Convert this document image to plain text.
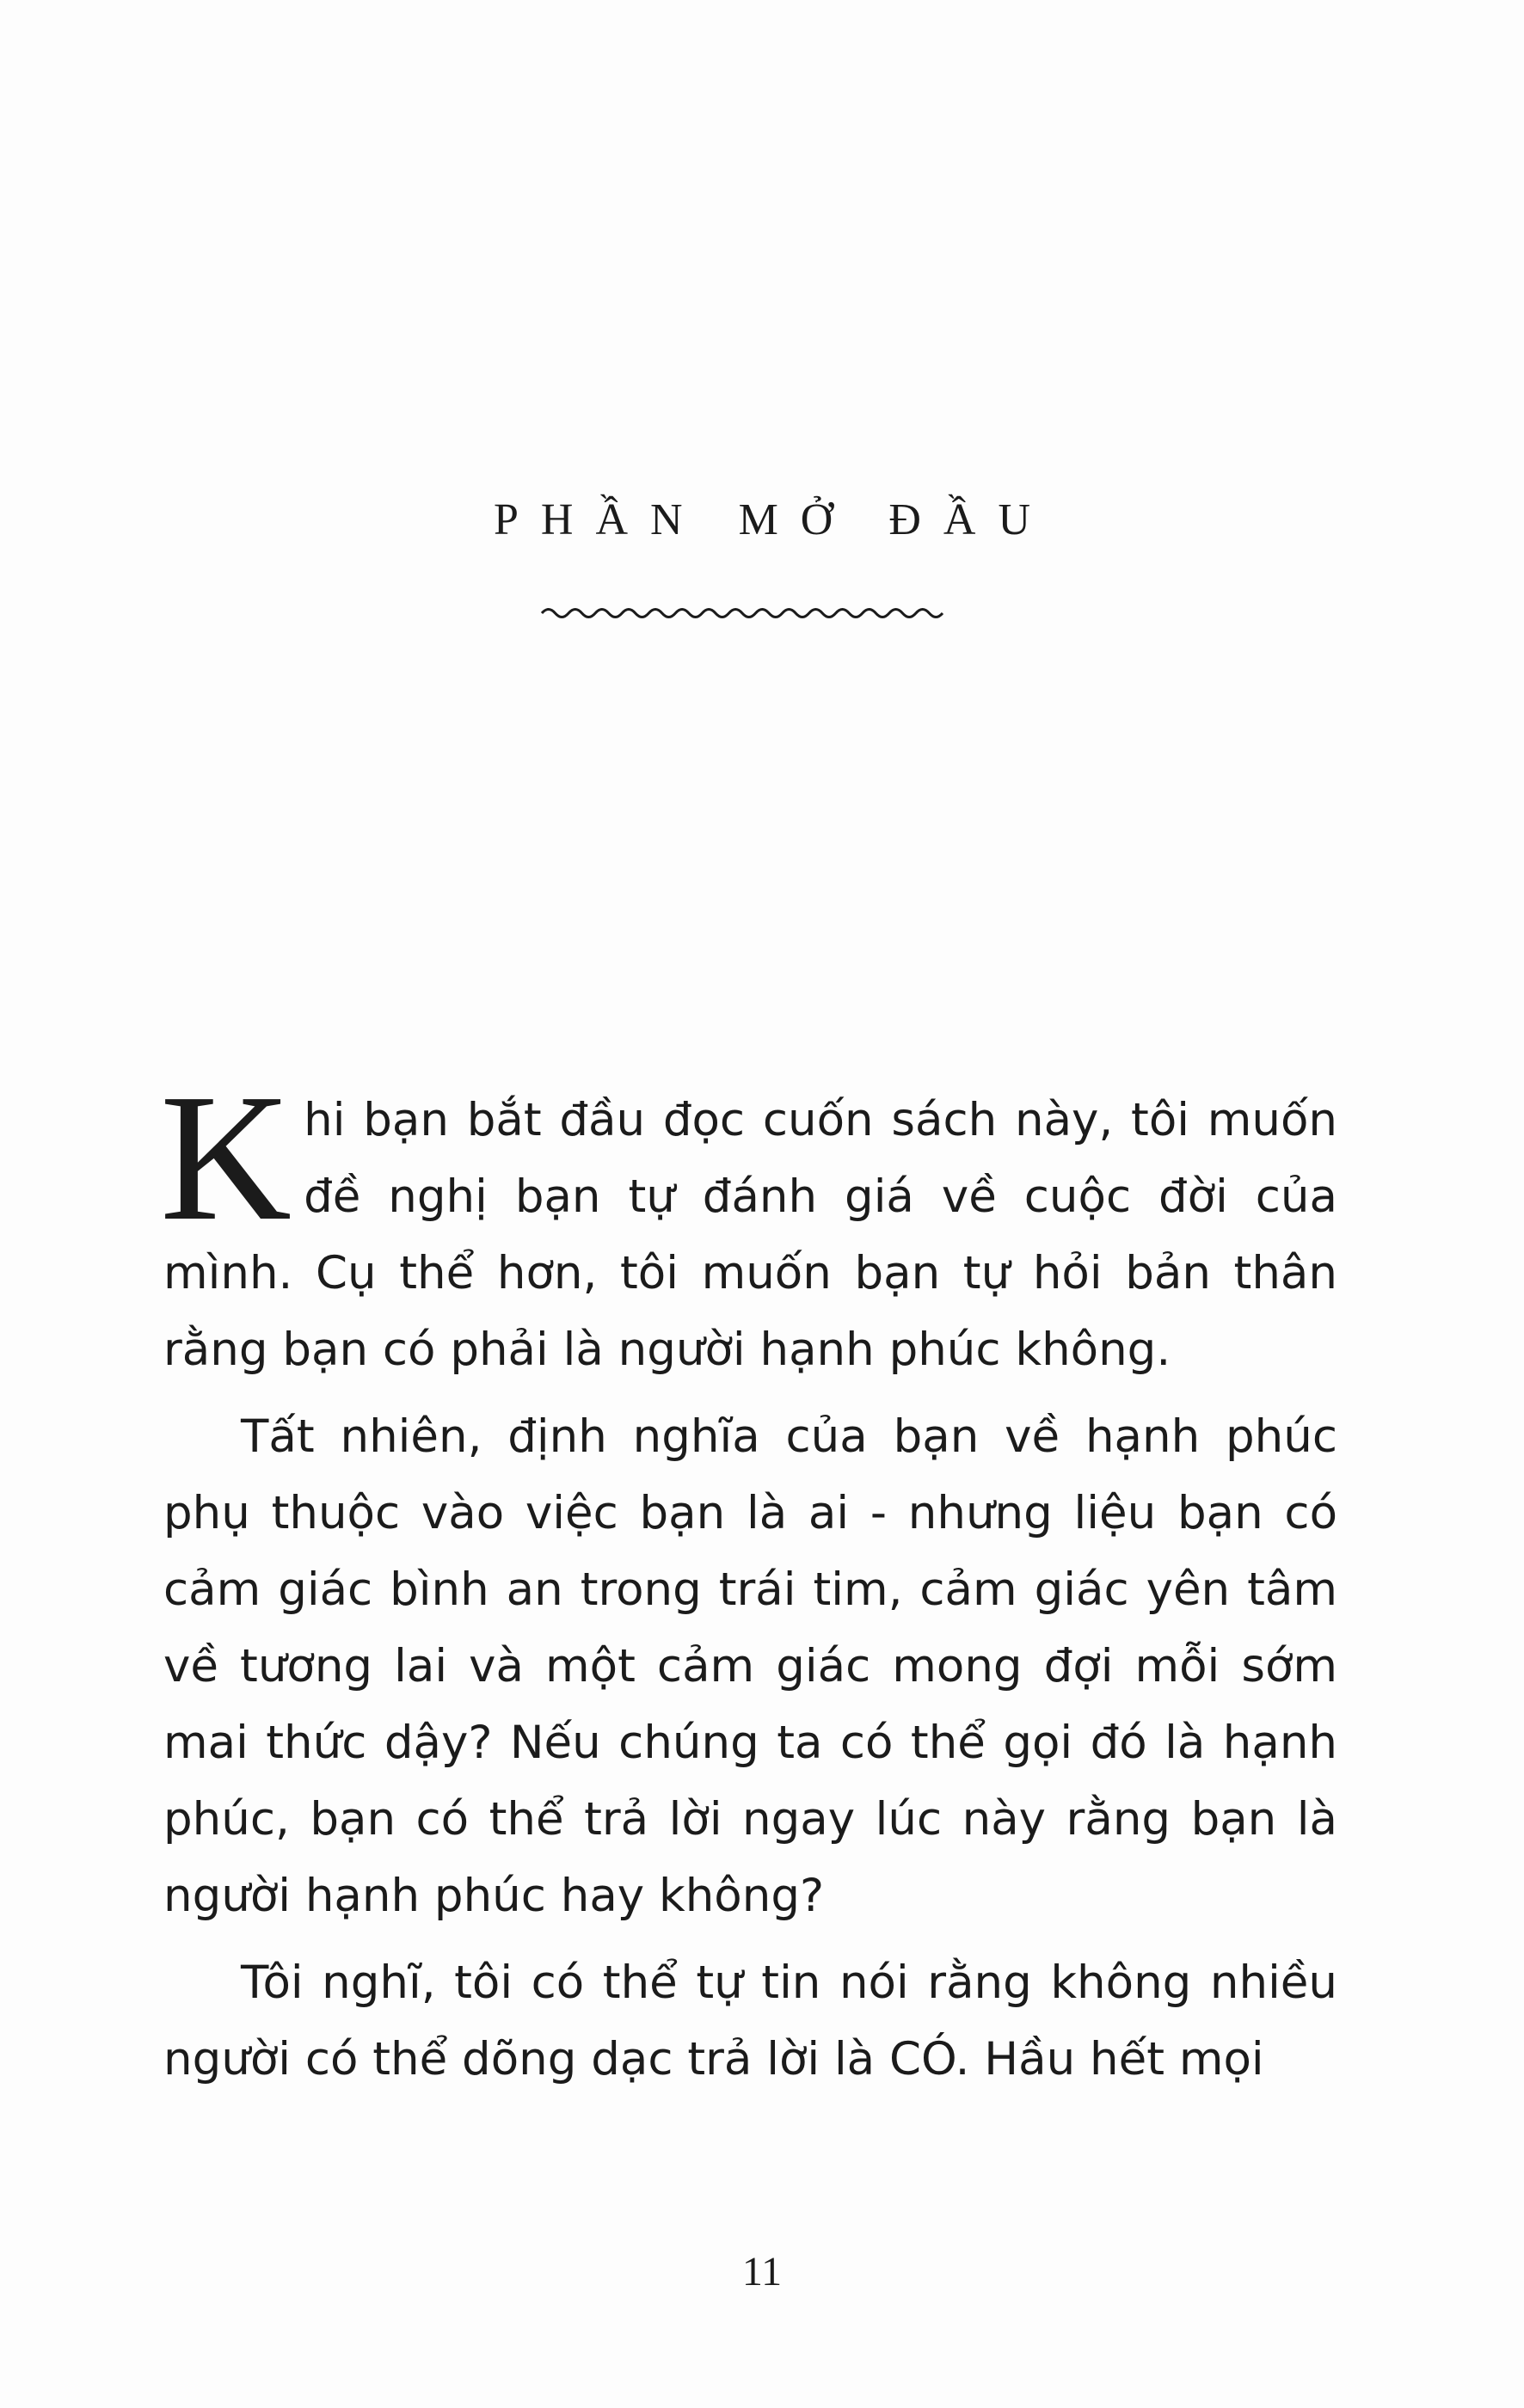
PHẦN MỞ ĐẦU

Khi bạn bắt đầu đọc cuốn sách này, tôi muốn đề nghị bạn tự đánh giá về cuộc đời của mình. Cụ thể hơn, tôi muốn bạn tự hỏi bản thân rằng bạn có phải là người hạnh phúc không.

Tất nhiên, định nghĩa của bạn về hạnh phúc phụ thuộc vào việc bạn là ai - nhưng liệu bạn có cảm giác bình an trong trái tim, cảm giác yên tâm về tương lai và một cảm giác mong đợi mỗi sớm mai thức dậy? Nếu chúng ta có thể gọi đó là hạnh phúc, bạn có thể trả lời ngay lúc này rằng bạn là người hạnh phúc hay không?

Tôi nghĩ, tôi có thể tự tin nói rằng không nhiều người có thể dõng dạc trả lời là CÓ. Hầu hết mọi

11
